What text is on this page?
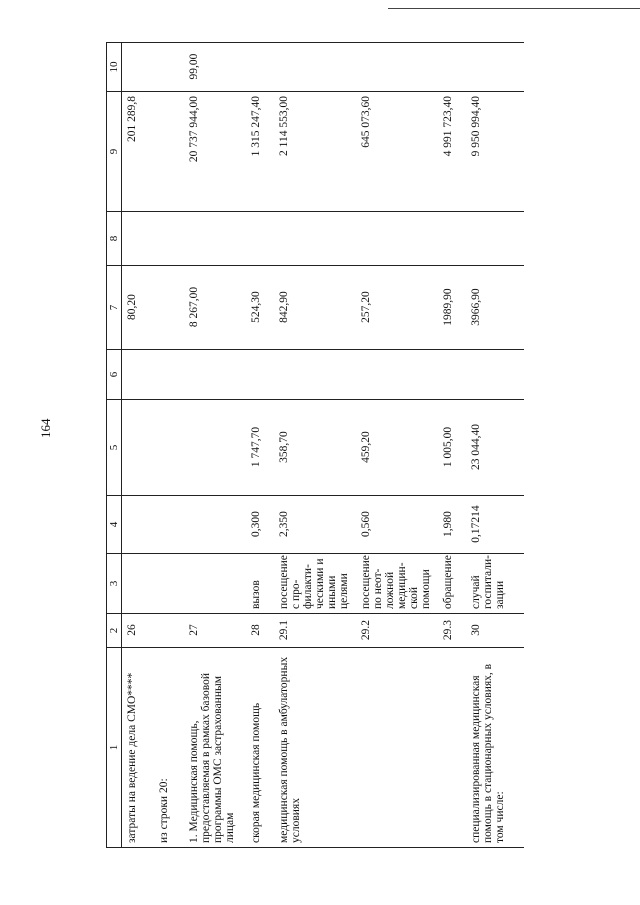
164
1	2	3	4	5	6	7	8	9	10
затраты на ведение дела СМО****	26					80,20		201 289,8	
из строки 20:									
1. Медицинская помощь, предоставляемая в рамках базовой программы ОМС застрахованным лицам	27					8 267,00		20 737 944,00	99,00
скорая медицинская помощь	28	вызов	0,300	1 747,70		524,30		1 315 247,40	
медицинская помощь в амбулаторных условиях	29.1	посещение с про-филакти-ческими и иными целями	2,350	358,70		842,90		2 114 553,00	
	29.2	посещение по неот-ложной медицин-ской помощи	0,560	459,20		257,20		645 073,60	
	29.3	обращение	1,980	1 005,00		1989,90		4 991 723,40	
специализированная медицинская помощь в стационарных условиях, в том числе:	30	случай госпитали-зации	0,17214	23 044,40		3966,90		9 950 994,40	
